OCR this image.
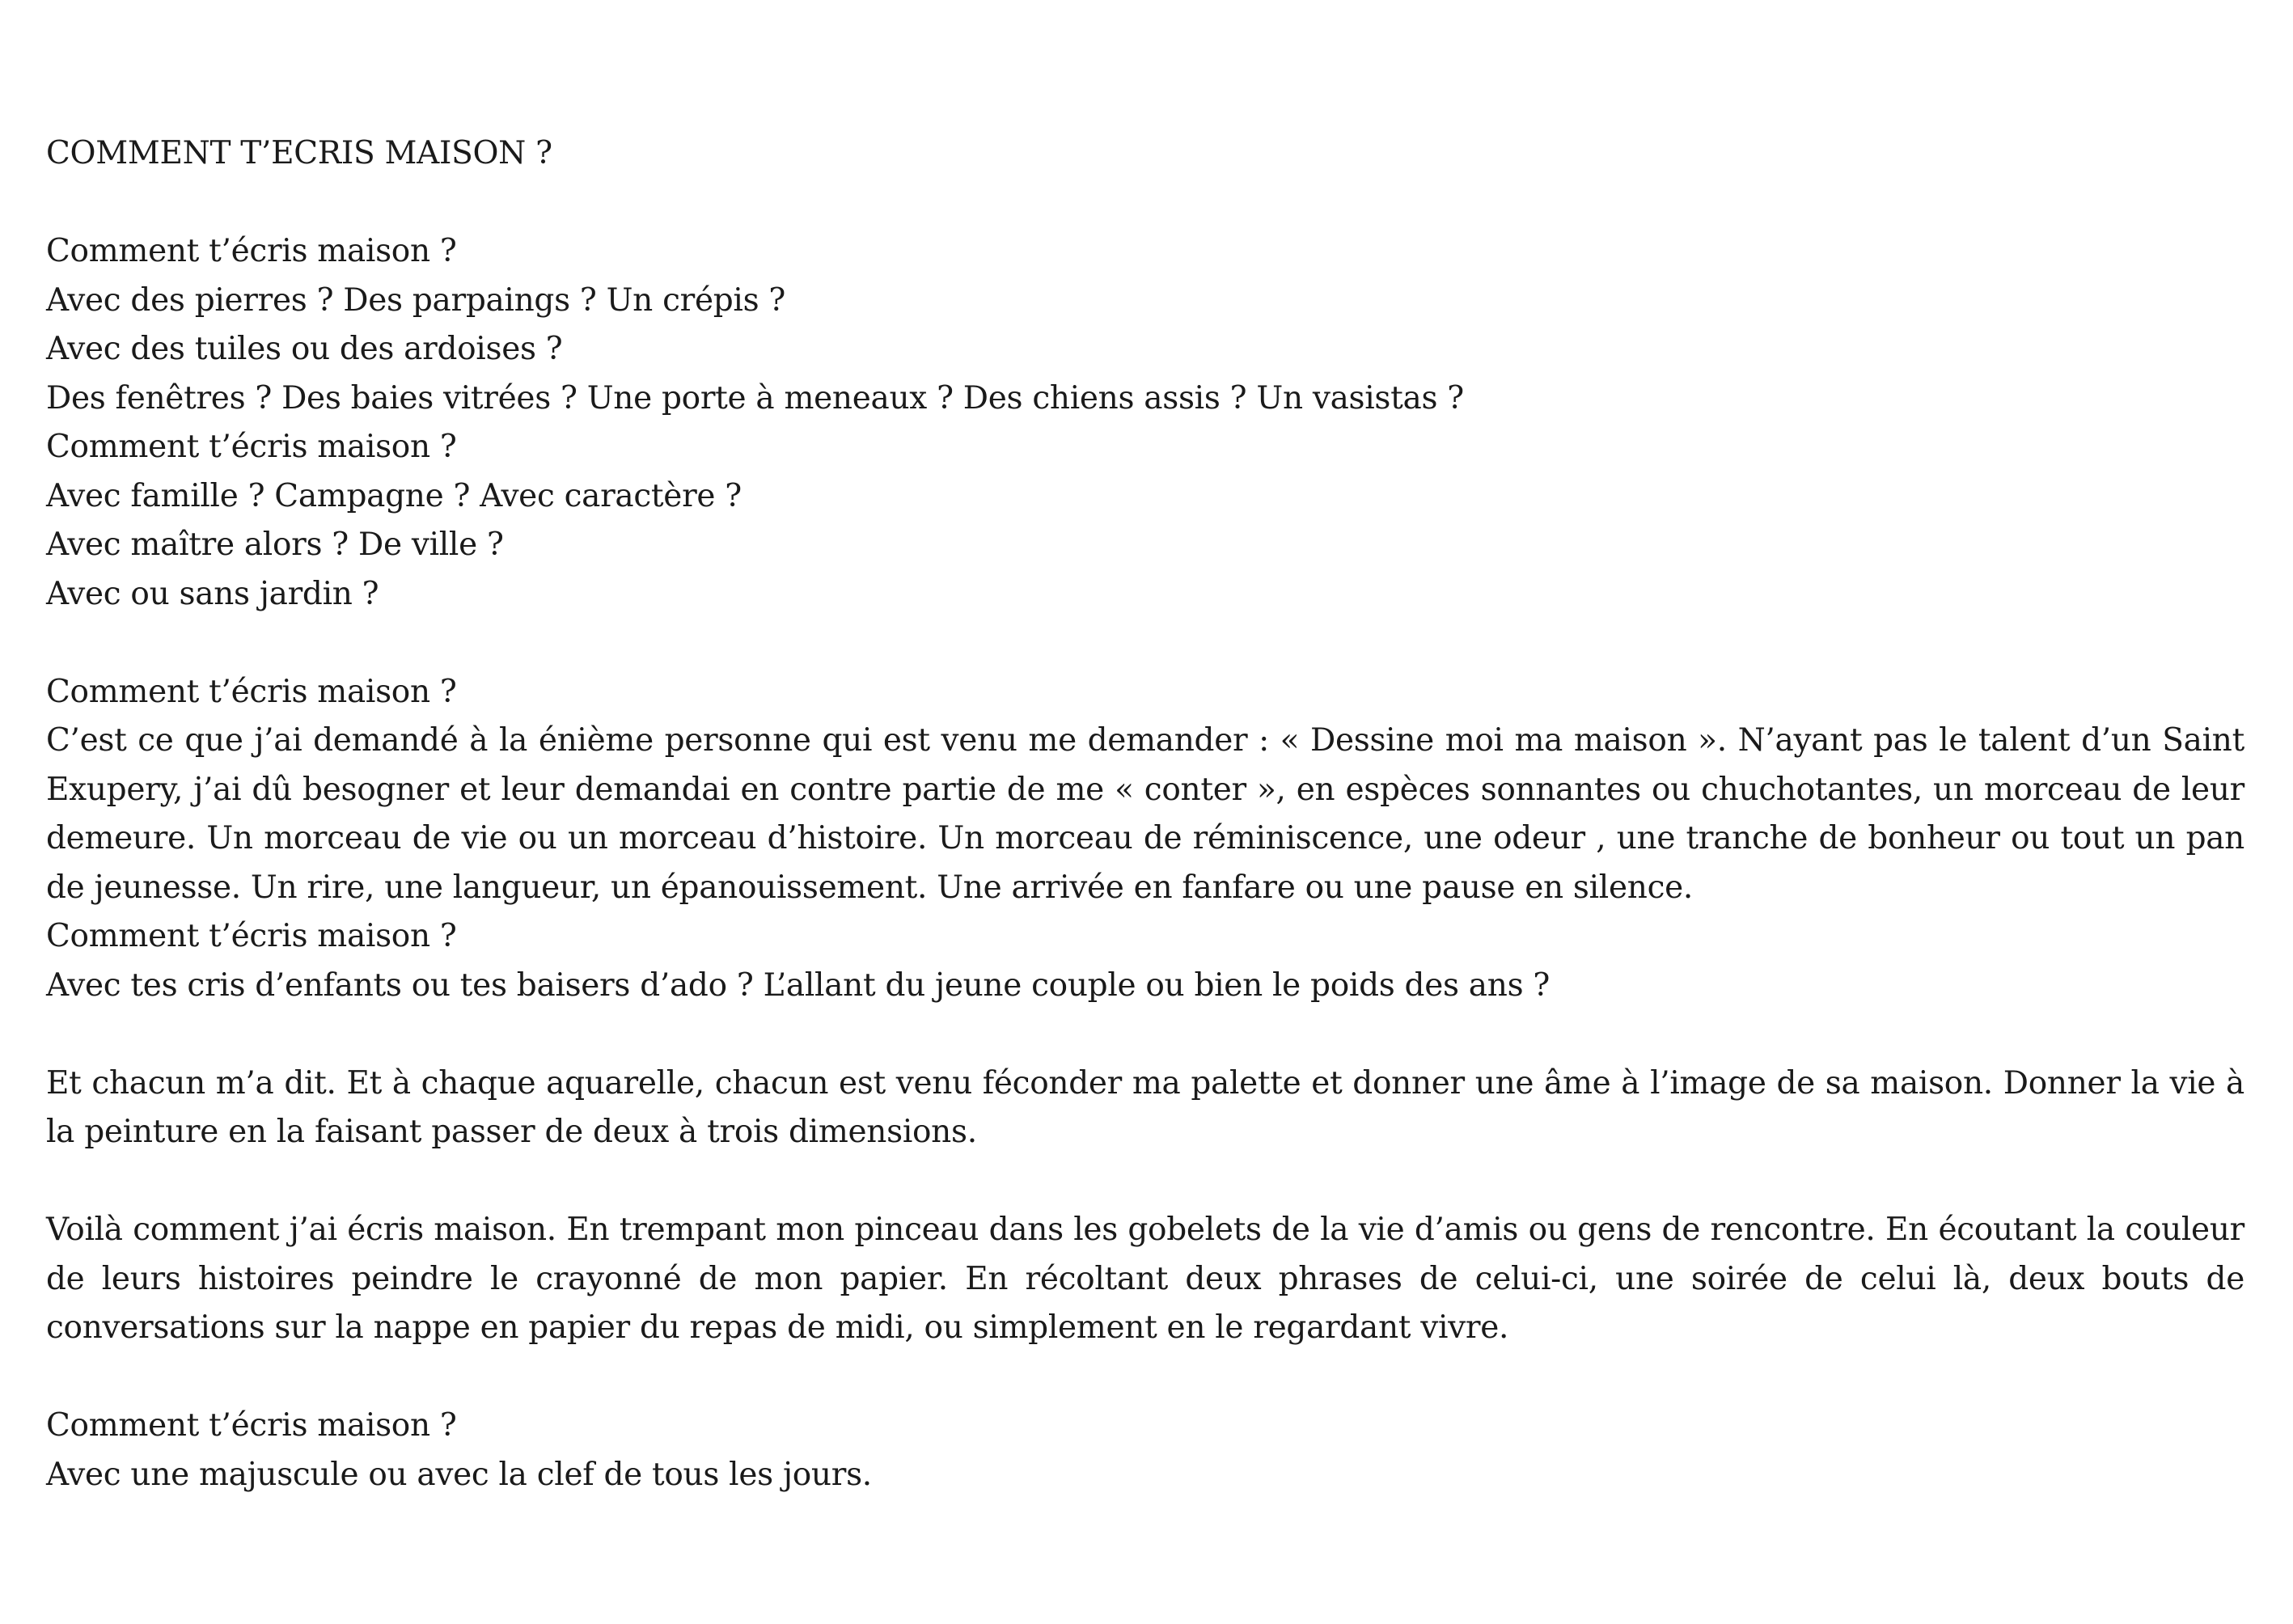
COMMENT T’ECRIS MAISON ?
Comment t’écris maison ?
Avec des pierres ? Des parpaings ? Un crépis ?
Avec des tuiles ou des ardoises ?
Des fenêtres ? Des baies vitrées ? Une porte à meneaux ? Des chiens assis ? Un vasistas ?
Comment t’écris maison ?
Avec famille ? Campagne ? Avec caractère ?
Avec maître alors ? De ville ?
Avec ou sans jardin ?
Comment t’écris maison ?
C’est ce que j’ai demandé à la énième personne qui est venu me demander : « Dessine moi ma maison ». N’ayant pas le talent d’un Saint Exupery, j’ai dû besogner et leur demandai en contre partie de me « conter », en espèces sonnantes ou chuchotantes, un morceau de leur demeure. Un morceau de vie ou un morceau d’histoire. Un morceau de réminiscence, une odeur , une tranche de bonheur ou tout un pan de jeunesse. Un rire, une langueur, un épanouissement. Une arrivée en fanfare ou une pause en silence.
Comment t’écris maison ?
Avec tes cris d’enfants ou tes baisers d’ado ? L’allant du jeune couple ou bien le poids des ans ?
Et chacun m’a dit. Et à chaque aquarelle, chacun est venu féconder ma palette et donner une âme à l’image de sa maison. Donner la vie à la peinture en la faisant passer de deux à trois dimensions.
Voilà comment j’ai écris maison. En trempant mon pinceau dans les gobelets de la vie d’amis ou gens de rencontre. En écoutant la couleur de leurs histoires peindre le crayonné de mon papier. En récoltant deux phrases de celui-ci, une soirée de celui là, deux bouts de conversations sur la nappe en papier du repas de midi, ou simplement en le regardant vivre.
Comment t’écris maison ?
Avec une majuscule ou avec la clef de tous les jours.
